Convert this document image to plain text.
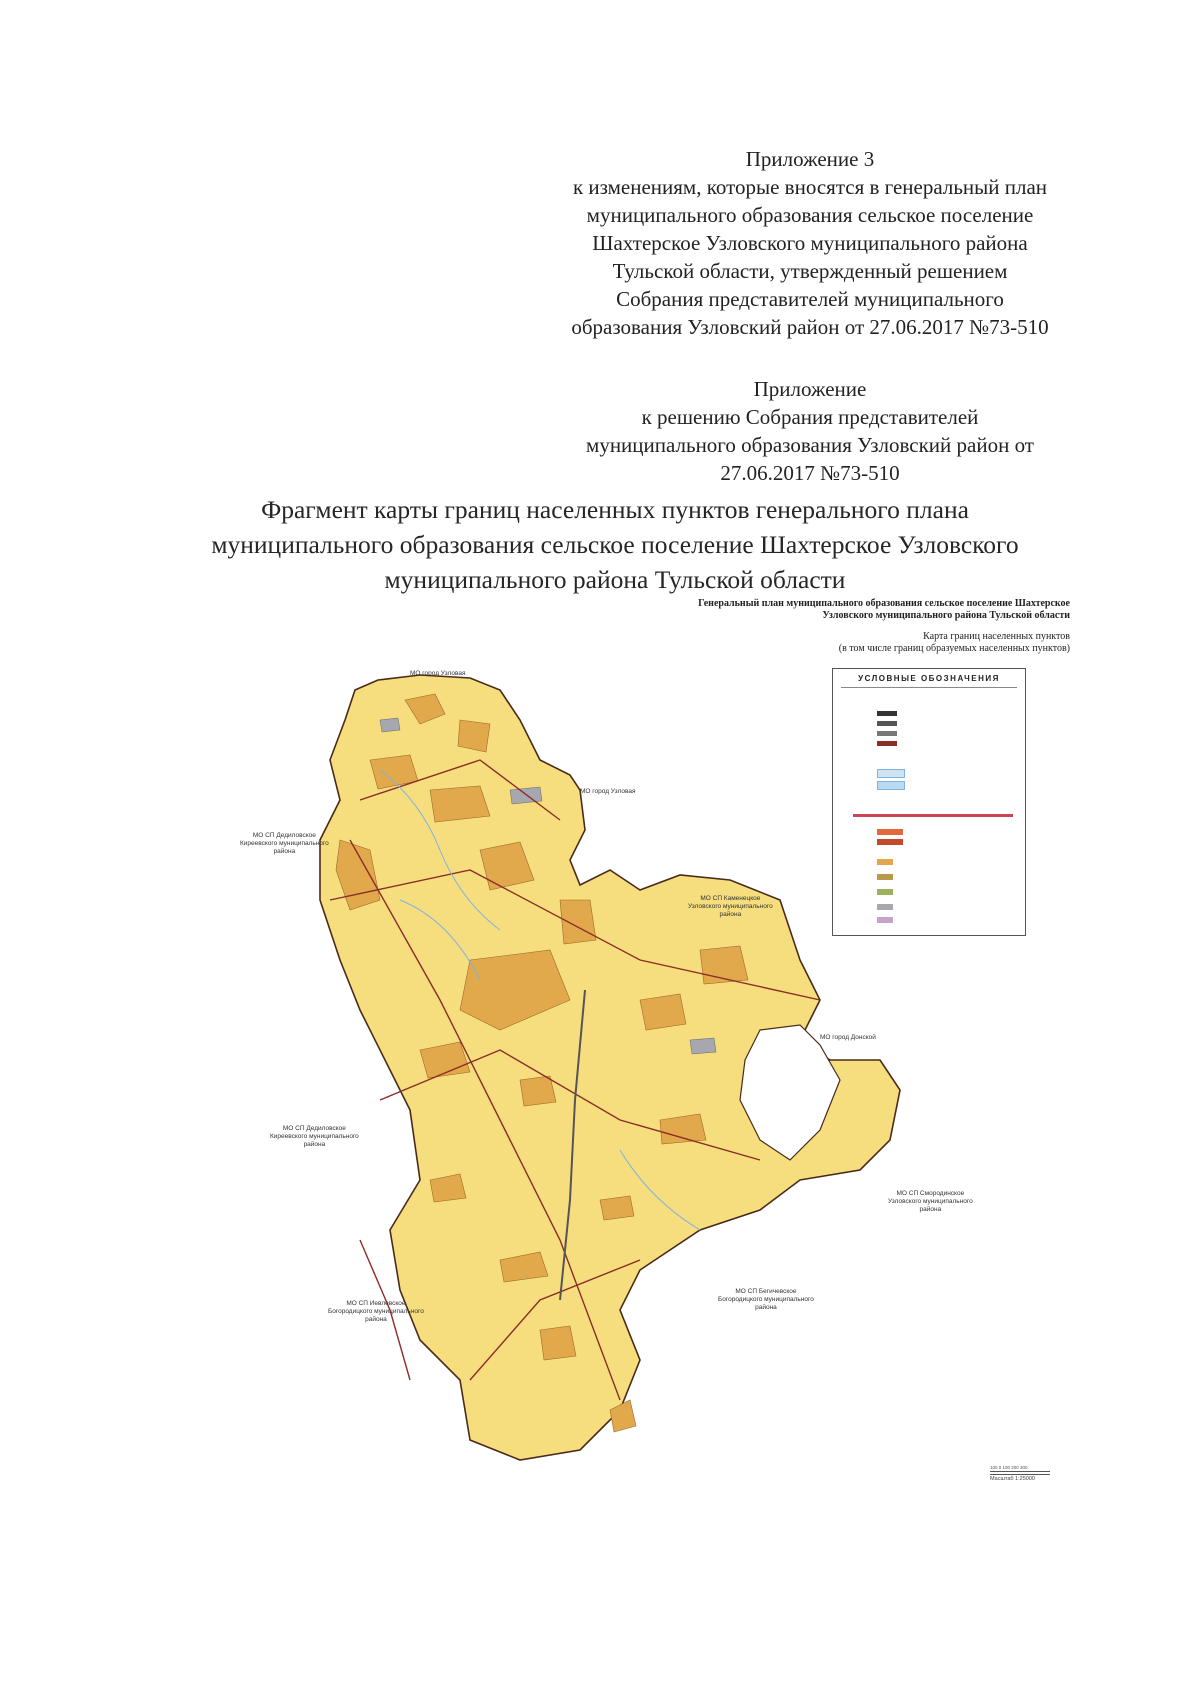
Приложение 3
к изменениям, которые вносятся в генеральный план
муниципального образования сельское поселение
Шахтерское Узловского муниципального района
Тульской области, утвержденный решением
Собрания представителей муниципального
образования Узловский район от 27.06.2017 №73-510
Приложение
к решению Собрания представителей
муниципального образования Узловский район от
27.06.2017 №73-510
Фрагмент карты границ населенных пунктов генерального плана
муниципального образования сельское поселение Шахтерское Узловского
муниципального района Тульской области
Генеральный план муниципального образования сельское поселение Шахтерское
Узловского муниципального района Тульской области
Карта границ населенных пунктов
(в том числе границ образуемых населенных пунктов)
МО город Узловая
МО город Узловая
МО СП Дедиловское
Киреевского муниципального
района
МО СП Каменецкое
Узловского муниципального
района
МО город Донской
МО СП Дедиловское
Киреевского муниципального
района
МО СП Смородинское
Узловского муниципального
района
МО СП Иевлевское
Богородицкого муниципального
района
МО СП Бегичевское
Богородицкого муниципального
района
УСЛОВНЫЕ ОБОЗНАЧЕНИЯ
100 0 100 200 300
Масштаб 1:25000
